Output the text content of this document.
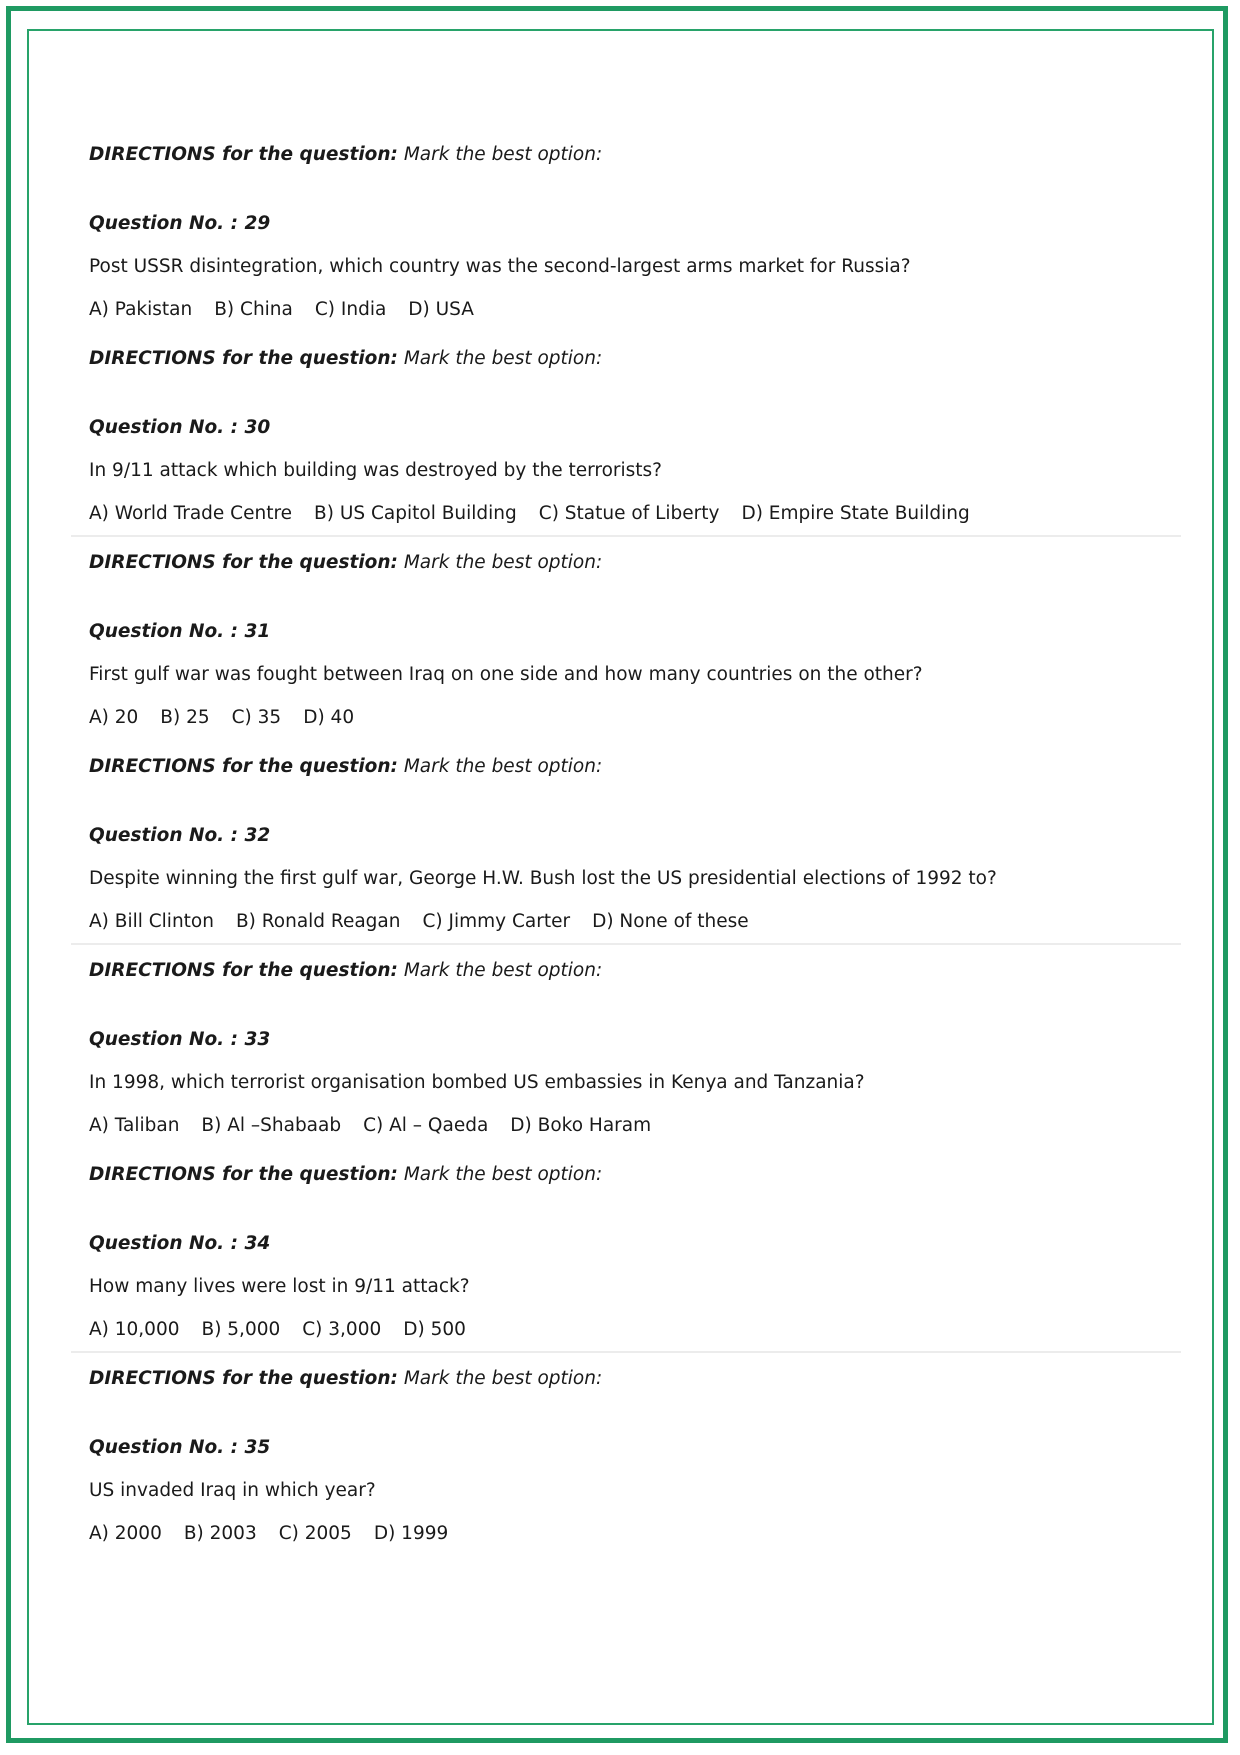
DIRECTIONS for the question: Mark the best option:
Question No. : 29
Post USSR disintegration, which country was the second-largest arms market for Russia?
A) Pakistan B) China C) India D) USA
DIRECTIONS for the question: Mark the best option:
Question No. : 30
In 9/11 attack which building was destroyed by the terrorists?
A) World Trade Centre B) US Capitol Building C) Statue of Liberty D) Empire State Building
DIRECTIONS for the question: Mark the best option:
Question No. : 31
First gulf war was fought between Iraq on one side and how many countries on the other?
A) 20 B) 25 C) 35 D) 40
DIRECTIONS for the question: Mark the best option:
Question No. : 32
Despite winning the first gulf war, George H.W. Bush lost the US presidential elections of 1992 to?
A) Bill Clinton B) Ronald Reagan C) Jimmy Carter D) None of these
DIRECTIONS for the question: Mark the best option:
Question No. : 33
In 1998, which terrorist organisation bombed US embassies in Kenya and Tanzania?
A) Taliban B) Al –Shabaab C) Al – Qaeda D) Boko Haram
DIRECTIONS for the question: Mark the best option:
Question No. : 34
How many lives were lost in 9/11 attack?
A) 10,000 B) 5,000 C) 3,000 D) 500
DIRECTIONS for the question: Mark the best option:
Question No. : 35
US invaded Iraq in which year?
A) 2000 B) 2003 C) 2005 D) 1999
